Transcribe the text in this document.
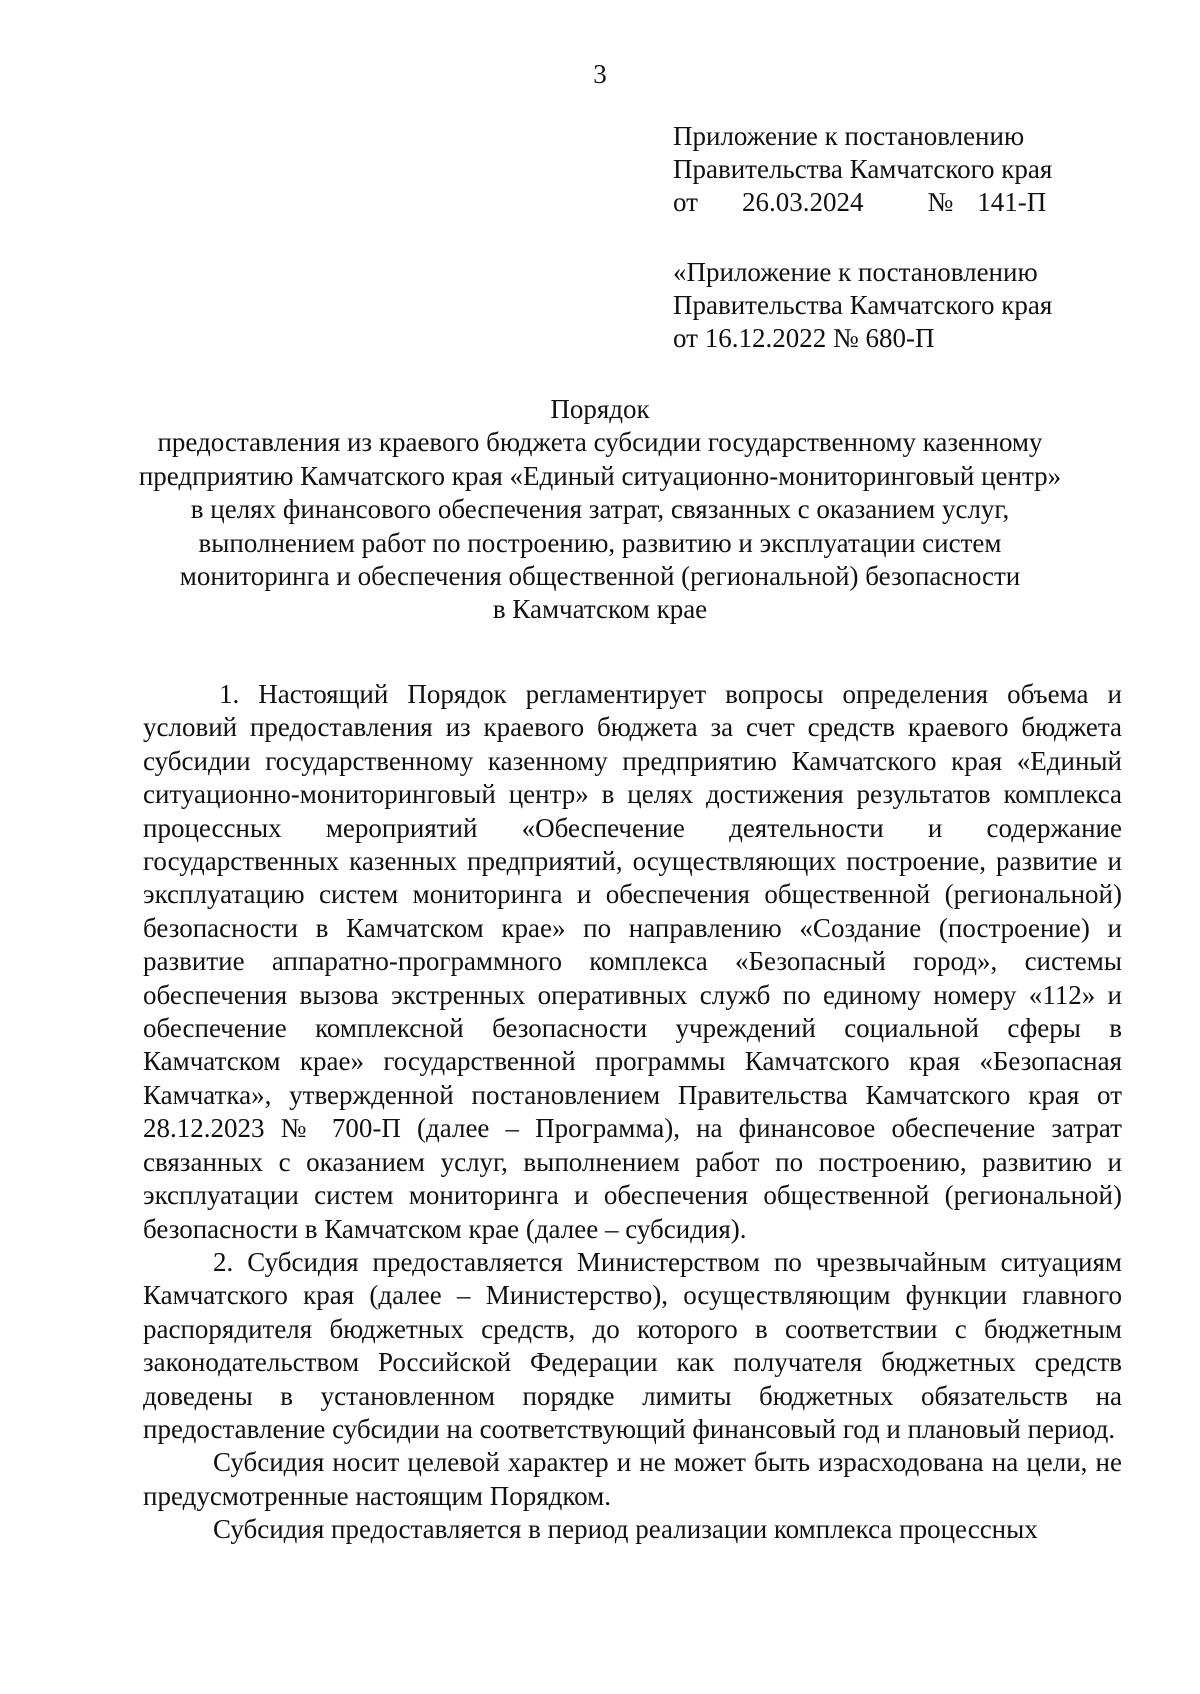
3
Приложение к постановлению
Правительства Камчатского края
от 26.03.2024 № 141-П
«Приложение к постановлению
Правительства Камчатского края
от 16.12.2022 № 680-П
Порядок
предоставления из краевого бюджета субсидии государственному казенному
предприятию Камчатского края «Единый ситуационно-мониторинговый центр»
в целях финансового обеспечения затрат, связанных с оказанием услуг,
выполнением работ по построению, развитию и эксплуатации систем
мониторинга и обеспечения общественной (региональной) безопасности
в Камчатском крае

1. Настоящий Порядок регламентирует вопросы определения объема и условий предоставления из краевого бюджета за счет средств краевого бюджета субсидии государственному казенному предприятию Камчатского края «Единый ситуационно-мониторинговый центр» в целях достижения результатов комплекса процессных мероприятий «Обеспечение деятельности и содержание государственных казенных предприятий, осуществляющих построение, развитие и эксплуатацию систем мониторинга и обеспечения общественной (региональной) безопасности в Камчатском крае» по направлению «Создание (построение) и развитие аппаратно-программного комплекса «Безопасный город», системы обеспечения вызова экстренных оперативных служб по единому номеру «112» и обеспечение комплексной безопасности учреждений социальной сферы в Камчатском крае» государственной программы Камчатского края «Безопасная Камчатка», утвержденной постановлением Правительства Камчатского края от 28.12.2023 № 700-П (далее – Программа), на финансовое обеспечение затрат связанных с оказанием услуг, выполнением работ по построению, развитию и эксплуатации систем мониторинга и обеспечения общественной (региональной) безопасности в Камчатском крае (далее – субсидия).

2. Субсидия предоставляется Министерством по чрезвычайным ситуациям Камчатского края (далее – Министерство), осуществляющим функции главного распорядителя бюджетных средств, до которого в соответствии с бюджетным законодательством Российской Федерации как получателя бюджетных средств доведены в установленном порядке лимиты бюджетных обязательств на предоставление субсидии на соответствующий финансовый год и плановый период.

Субсидия носит целевой характер и не может быть израсходована на цели, не предусмотренные настоящим Порядком.

Субсидия предоставляется в период реализации комплекса процессных
